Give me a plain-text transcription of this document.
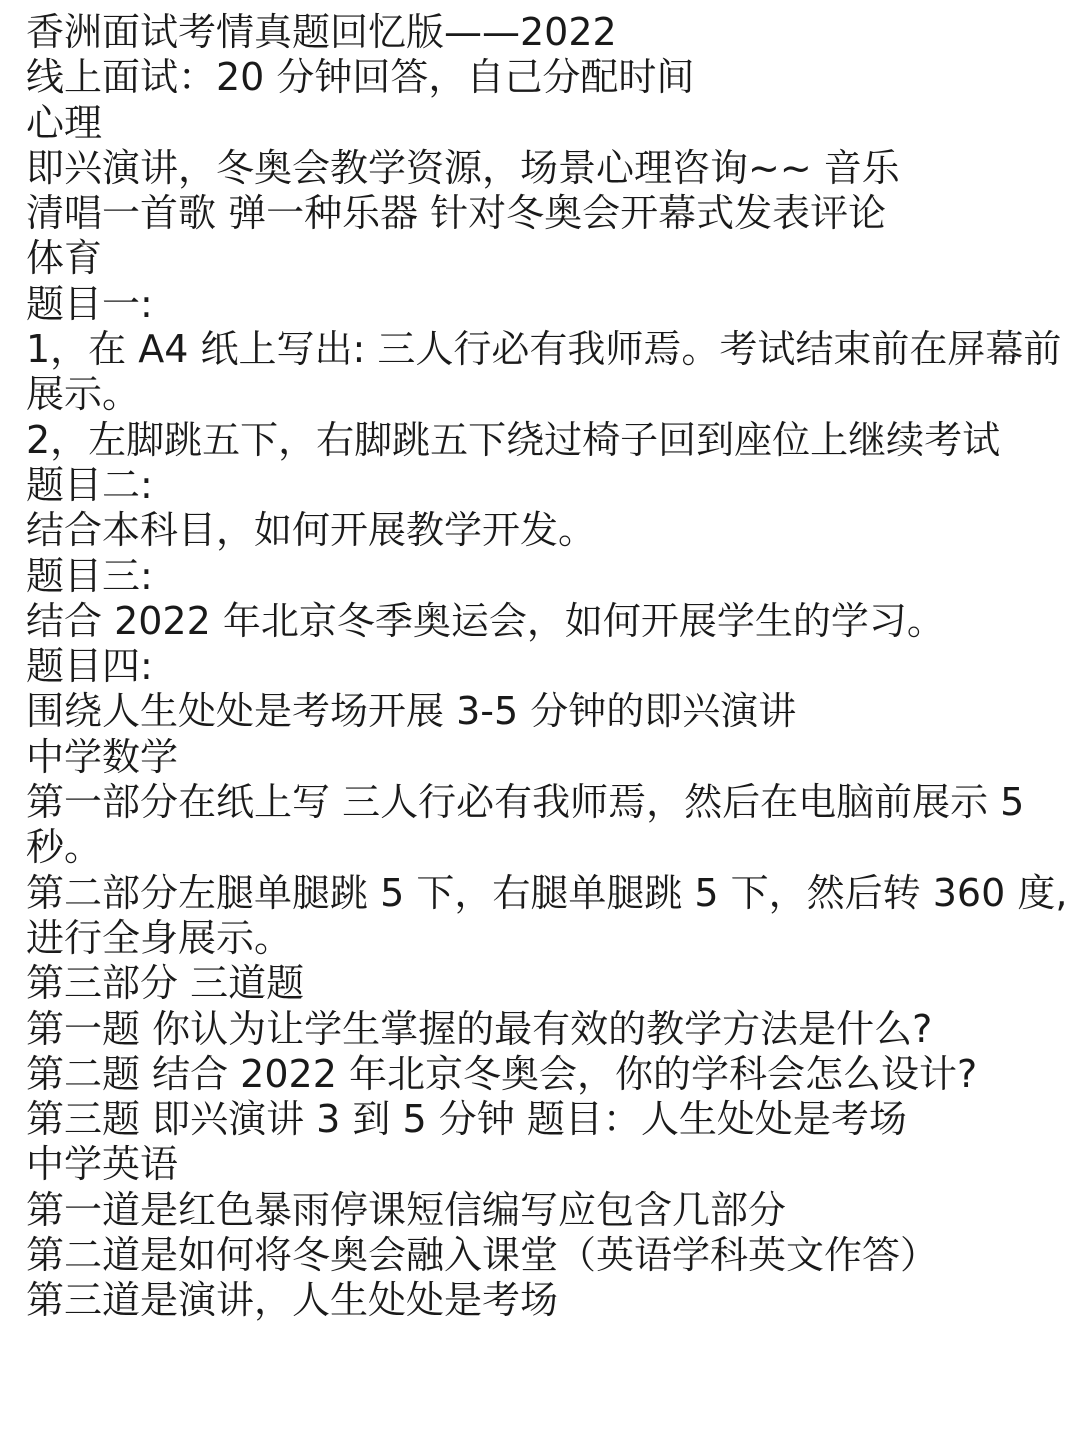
香洲面试考情真题回忆版——2022

线上面试：20 分钟回答，自己分配时间

心理

即兴演讲，冬奥会教学资源，场景心理咨询~~ 音乐

清唱一首歌 弹一种乐器 针对冬奥会开幕式发表评论

体育

题目一:

1，在 A4 纸上写出: 三人行必有我师焉。考试结束前在屏幕前

展示。

2，左脚跳五下，右脚跳五下绕过椅子回到座位上继续考试

题目二:

结合本科目，如何开展教学开发。

题目三:

结合 2022 年北京冬季奥运会，如何开展学生的学习。

题目四:

围绕人生处处是考场开展 3-5 分钟的即兴演讲

中学数学

第一部分在纸上写 三人行必有我师焉，然后在电脑前展示 5

秒。

第二部分左腿单腿跳 5 下，右腿单腿跳 5 下，然后转 360 度,

进行全身展示。

第三部分 三道题

第一题 你认为让学生掌握的最有效的教学方法是什么?

第二题 结合 2022 年北京冬奥会，你的学科会怎么设计?

第三题 即兴演讲 3 到 5 分钟 题目：人生处处是考场

中学英语

第一道是红色暴雨停课短信编写应包含几部分

第二道是如何将冬奥会融入课堂（英语学科英文作答）

第三道是演讲，人生处处是考场
